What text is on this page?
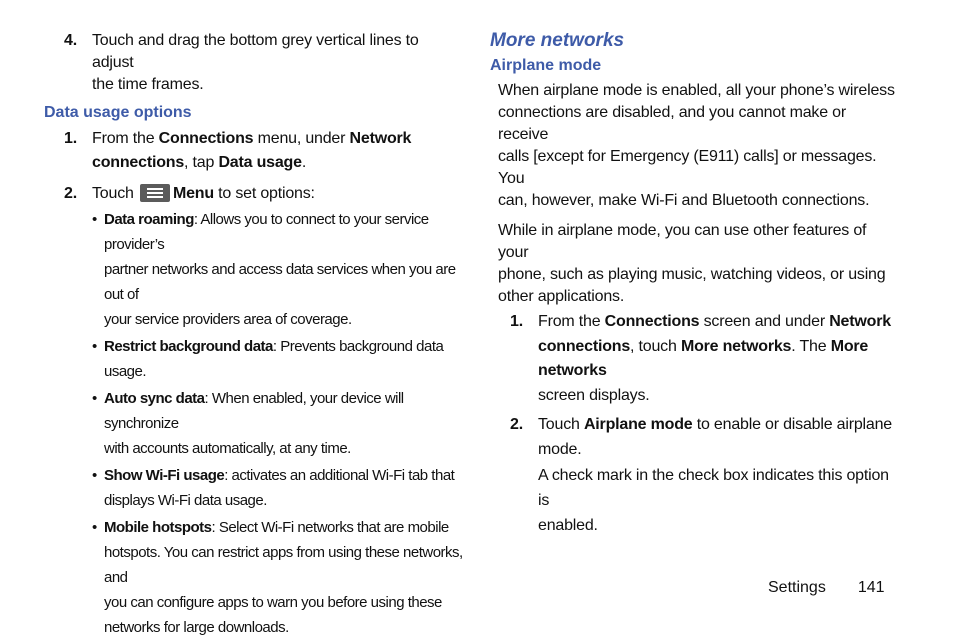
4. Touch and drag the bottom grey vertical lines to adjust
the time frames.
Data usage options
1. From the Connections menu, under Network
connections, tap Data usage.
2. Touch
Menu to set options:
• Data roaming: Allows you to connect to your service provider’s
partner networks and access data services when you are out of
your service providers area of coverage.
• Restrict background data: Prevents background data usage.
• Auto sync data: When enabled, your device will synchronize
with accounts automatically, at any time.
• Show Wi-Fi usage: activates an additional Wi-Fi tab that
displays Wi-Fi data usage.
• Mobile hotspots: Select Wi-Fi networks that are mobile
hotspots. You can restrict apps from using these networks, and
you can configure apps to warn you before using these
networks for large downloads.
More networks
Airplane mode
When airplane mode is enabled, all your phone’s wireless
connections are disabled, and you cannot make or receive
calls [except for Emergency (E911) calls] or messages. You
can, however, make Wi-Fi and Bluetooth connections.
While in airplane mode, you can use other features of your
phone, such as playing music, watching videos, or using
other applications.
1. From the Connections screen and under Network
connections, touch More networks. The More networks
screen displays.
2. Touch Airplane mode to enable or disable airplane
mode.
A check mark in the check box indicates this option is
enabled.
Settings 141
